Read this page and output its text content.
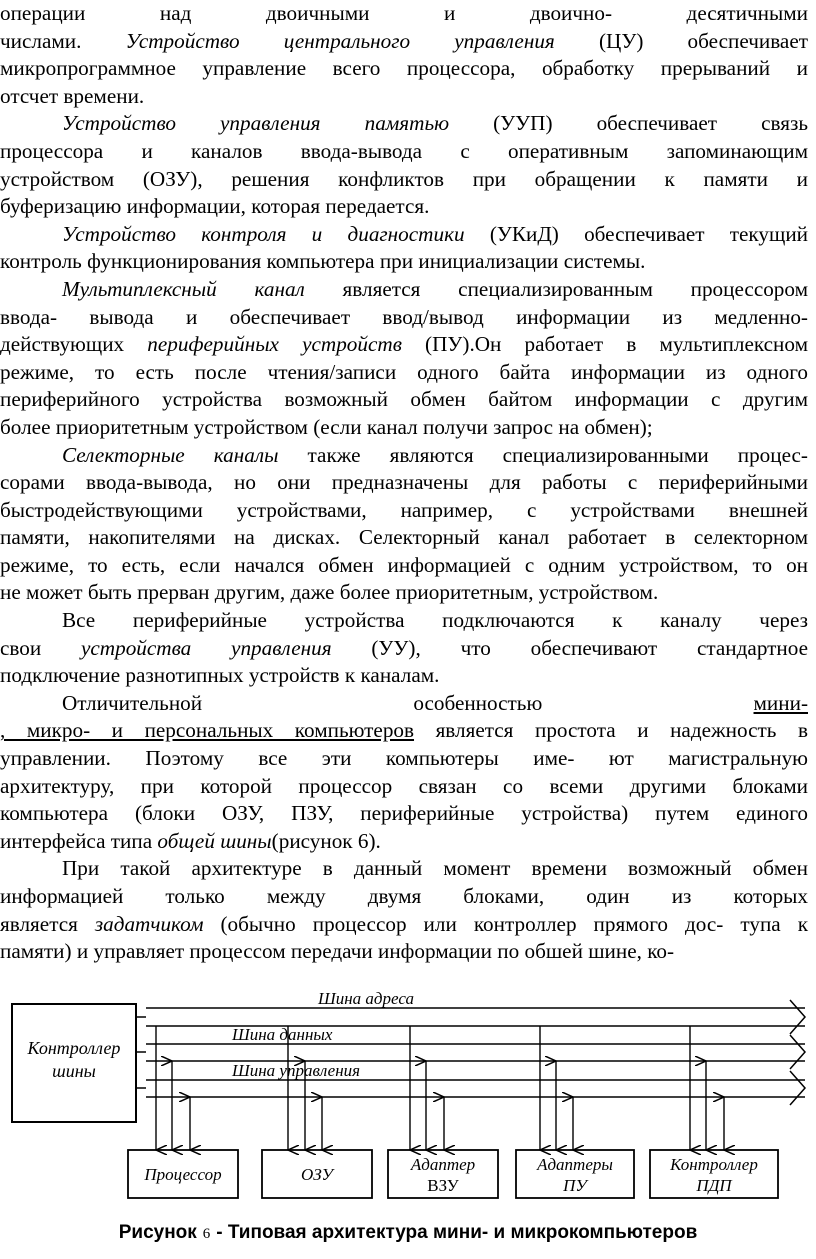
операции над двоичными и двоично- десятичными
числами. Устройство центрального управления (ЦУ) обеспечивает
микропрограммное управление всего процессора, обработку прерываний и
отсчет времени.
Устройство управления памятью (УУП) обеспечивает связь
процессора и каналов ввода-вывода с оперативным запоминающим
устройством (ОЗУ), решения конфликтов при обращении к памяти и
буферизацию информации, которая передается.
Устройство контроля и диагностики (УКиД) обеспечивает текущий
контроль функционирования компьютера при инициализации системы.
Мультиплексный канал является специализированным процессором
ввода- вывода и обеспечивает ввод/вывод информации из медленно-
действующих периферийных устройств (ПУ).Он работает в мультиплексном
режиме, то есть после чтения/записи одного байта информации из одного
периферийного устройства возможный обмен байтом информации с другим
более приоритетным устройством (если канал получи запрос на обмен);
Селекторные каналы также являются специализированными процес-
сорами ввода-вывода, но они предназначены для работы с периферийными
быстродействующими устройствами, например, с устройствами внешней
памяти, накопителями на дисках. Селекторный канал работает в селекторном
режиме, то есть, если начался обмен информацией с одним устройством, то он
не может быть прерван другим, даже более приоритетным, устройством.
Все периферийные устройства подключаются к каналу через
свои устройства управления (УУ), что обеспечивают стандартное
подключение разнотипных устройств к каналам.
Отличительной особенностью мини-
, микро- и персональных компьютеров является простота и надежность в
управлении. Поэтому все эти компьютеры име- ют магистральную
архитектуру, при которой процессор связан со всеми другими блоками
компьютера (блоки ОЗУ, ПЗУ, периферийные устройства) путем единого
интерфейса типа общей шины(рисунок 6).
При такой архитектуре в данный момент времени возможный обмен
информацией только между двумя блоками, один из которых
является задатчиком (обычно процессор или контроллер прямого дос- тупа к
памяти) и управляет процессом передачи информации по обшей шине, ко-
Контроллер
шины
Шина адреса
Шина данных
Шина управления
Процессор	ОЗУ
Адаптер
ВЗУ
Адаптеры
ПУ
Контроллер
ПДП
Рисунок 6 - Типовая архитектура мини- и микрокомпьютеров
